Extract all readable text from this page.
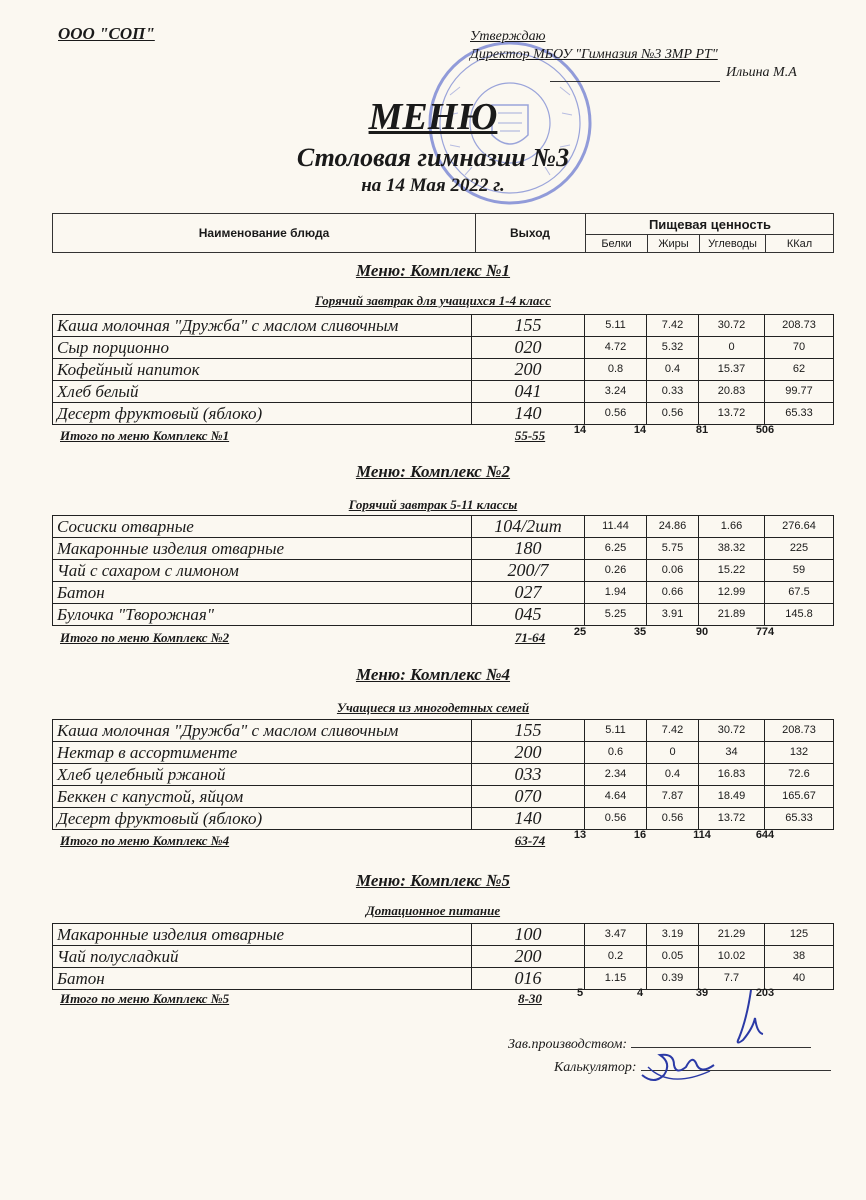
ООО "СОП"	Утверждаю
Директор МБОУ "Гимназия №3 ЗМР РТ"
Ильина М.А
МЕНЮ
Столовая гимназии №3
на 14 Мая 2022 г.
Наименование блюда	Выход
Пищевая ценность
Белки	Жиры	Углеводы	ККал
Меню: Комплекс №1
Горячий завтрак для учащихся 1-4 класс
Каша молочная "Дружба" с маслом сливочным	155	5.11	7.42	30.72	208.73
Сыр порционно	020	4.72	5.32	0	70
Кофейный напиток	200	0.8	0.4	15.37	62
Хлеб белый	041	3.24	0.33	20.83	99.77
Десерт фруктовый (яблоко)	140	0.56	0.56	13.72	65.33
Итого по меню Комплекс №1	55-55	14	14	81	506
Меню: Комплекс №2
Горячий завтрак 5-11 классы
Сосиски отварные	104/2шт	11.44	24.86	1.66	276.64
Макаронные изделия отварные	180	6.25	5.75	38.32	225
Чай с сахаром с лимоном	200/7	0.26	0.06	15.22	59
Батон	027	1.94	0.66	12.99	67.5
Булочка "Творожная"	045	5.25	3.91	21.89	145.8
Итого по меню Комплекс №2	71-64	25	35	90	774
Меню: Комплекс №4
Учащиеся из многодетных семей
Каша молочная "Дружба" с маслом сливочным	155	5.11	7.42	30.72	208.73
Нектар в ассортименте	200	0.6	0	34	132
Хлеб целебный ржаной	033	2.34	0.4	16.83	72.6
Беккен с капустой, яйцом	070	4.64	7.87	18.49	165.67
Десерт фруктовый (яблоко)	140	0.56	0.56	13.72	65.33
Итого по меню Комплекс №4	63-74	13	16	114	644
Меню: Комплекс №5
Дотационное питание
Макаронные изделия отварные	100	3.47	3.19	21.29	125
Чай полусладкий	200	0.2	0.05	10.02	38
Батон	016	1.15	0.39	7.7	40
Итого по меню Комплекс №5	8-30	5	4	39	203
Зав.производством:
Калькулятор:
